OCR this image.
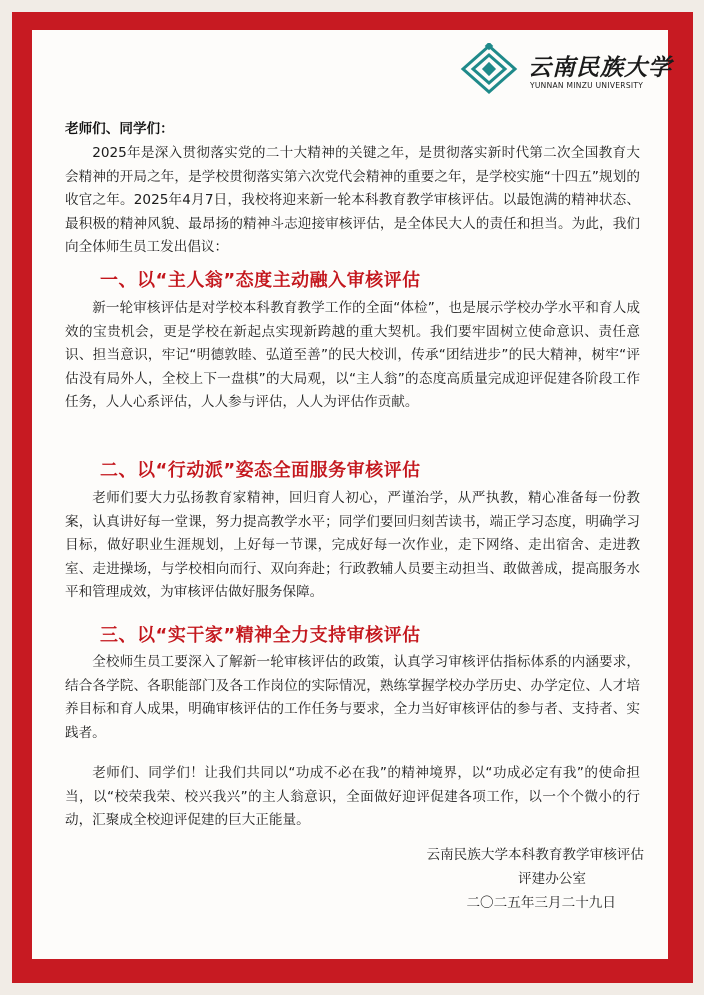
云南民族大学
YUNNAN MINZU UNIVERSITY
老师们、同学们：
2025年是深入贯彻落实党的二十大精神的关键之年，是贯彻落实新时代第二次全国教育大会精神的开局之年，是学校贯彻落实第六次党代会精神的重要之年，是学校实施“十四五”规划的收官之年。2025年4月7日，我校将迎来新一轮本科教育教学审核评估。以最饱满的精神状态、最积极的精神风貌、最昂扬的精神斗志迎接审核评估，是全体民大人的责任和担当。为此，我们向全体师生员工发出倡议：
一、以“主人翁”态度主动融入审核评估
新一轮审核评估是对学校本科教育教学工作的全面“体检”，也是展示学校办学水平和育人成效的宝贵机会，更是学校在新起点实现新跨越的重大契机。我们要牢固树立使命意识、责任意识、担当意识，牢记“明德敦睦、弘道至善”的民大校训，传承“团结进步”的民大精神，树牢“评估没有局外人，全校上下一盘棋”的大局观，以“主人翁”的态度高质量完成迎评促建各阶段工作任务，人人心系评估，人人参与评估，人人为评估作贡献。
二、以“行动派”姿态全面服务审核评估
老师们要大力弘扬教育家精神，回归育人初心，严谨治学，从严执教，精心准备每一份教案，认真讲好每一堂课，努力提高教学水平；同学们要回归刻苦读书，端正学习态度，明确学习目标，做好职业生涯规划，上好每一节课，完成好每一次作业，走下网络、走出宿舍、走进教室、走进操场，与学校相向而行、双向奔赴；行政教辅人员要主动担当、敢做善成，提高服务水平和管理成效，为审核评估做好服务保障。
三、以“实干家”精神全力支持审核评估
全校师生员工要深入了解新一轮审核评估的政策，认真学习审核评估指标体系的内涵要求，结合各学院、各职能部门及各工作岗位的实际情况，熟练掌握学校办学历史、办学定位、人才培养目标和育人成果，明确审核评估的工作任务与要求，全力当好审核评估的参与者、支持者、实践者。
老师们、同学们！让我们共同以“功成不必在我”的精神境界，以“功成必定有我”的使命担当，以“校荣我荣、校兴我兴”的主人翁意识，全面做好迎评促建各项工作，以一个个微小的行动，汇聚成全校迎评促建的巨大正能量。
云南民族大学本科教育教学审核评估
评建办公室
二〇二五年三月二十九日
